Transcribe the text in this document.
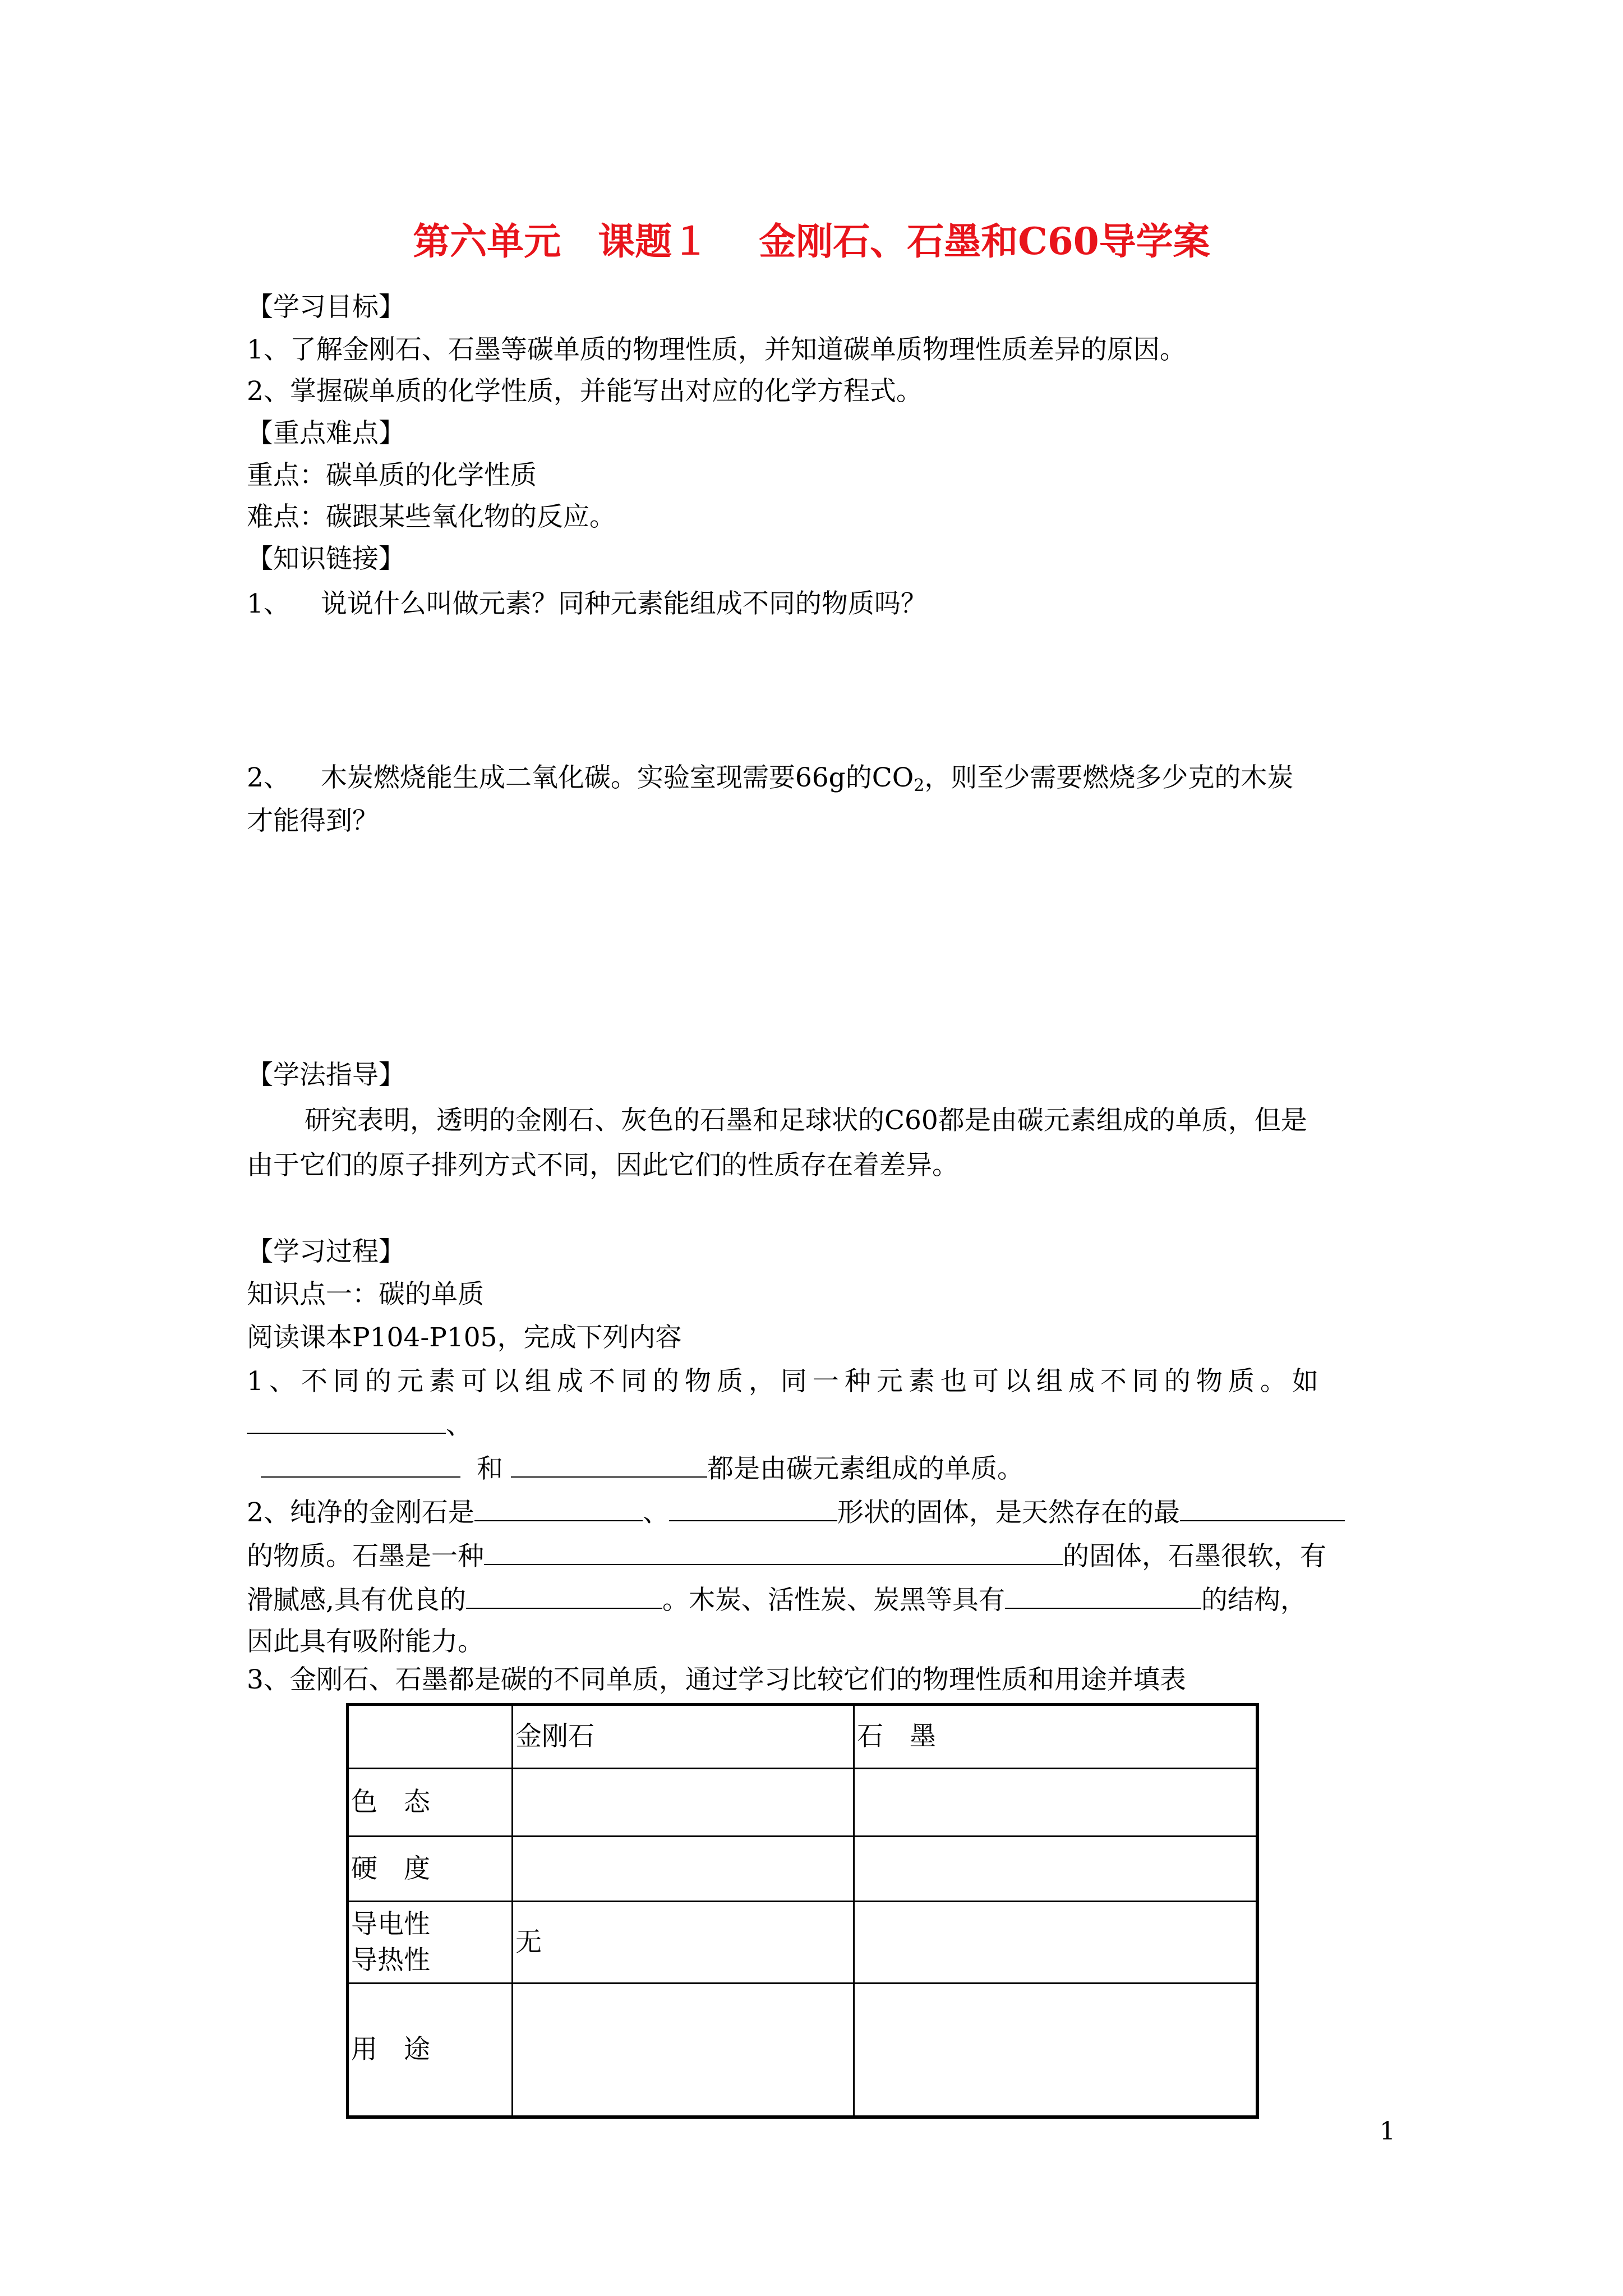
第六单元　课题１　 金刚石、石墨和C60导学案
【学习目标】
1、了解金刚石、石墨等碳单质的物理性质，并知道碳单质物理性质差异的原因。
2、掌握碳单质的化学性质，并能写出对应的化学方程式。
【重点难点】
重点：碳单质的化学性质
难点：碳跟某些氧化物的反应。
【知识链接】
1、 说说什么叫做元素？同种元素能组成不同的物质吗？
2、 木炭燃烧能生成二氧化碳。实验室现需要66g的$CO_2$，则至少需要燃烧多少克的木炭
才能得到？
【学法指导】
研究表明，透明的金刚石、灰色的石墨和足球状的C60都是由碳元素组成的单质，但是
由于它们的原子排列方式不同，因此它们的性质存在着差异。
【学习过程】
知识点一：碳的单质
阅读课本P104-P105，完成下列内容
1、不同的元素可以组成不同的物质，同一种元素也可以组成不同的物质。如
、
和	都是由碳元素组成的单质。
2、纯净的金刚石是	、	形状的固体，是天然存在的最
的物质。石墨是一种	的固体，石墨很软，有
滑腻感,具有优良的	。木炭、活性炭、炭黑等具有	的结构，
因此具有吸附能力。
3、金刚石、石墨都是碳的不同单质，通过学习比较它们的物理性质和用途并填表
	金刚石	石　墨
色　态		
硬　度		
导电性
导热性	无	
用　途		
1
